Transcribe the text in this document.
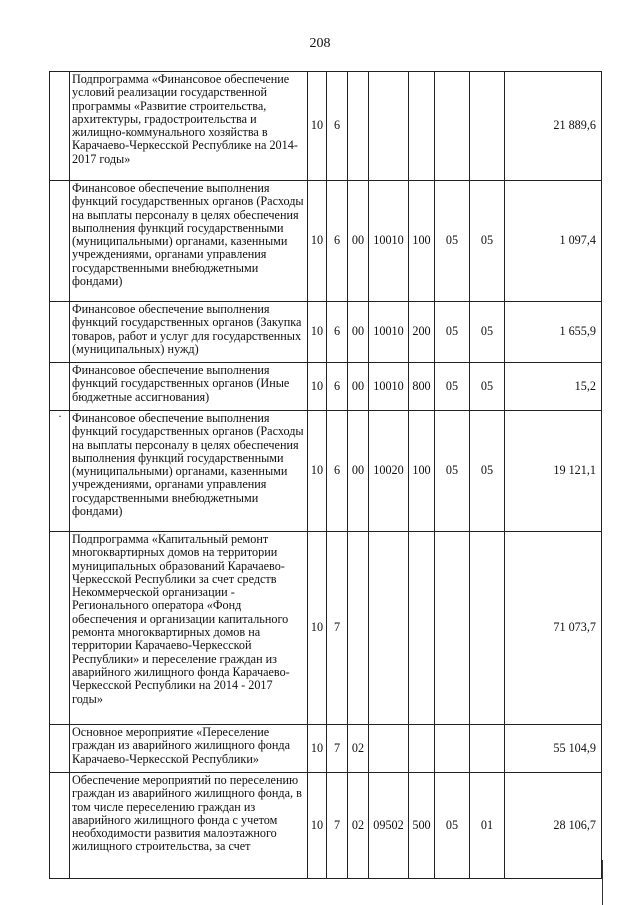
208
·
	Подпрограмма «Финансовое обеспечение условий реализации государственной программы «Развитие строительства, архитектуры, градостроительства и жилищно-коммунального хозяйства в Карачаево-Черкесской Республике на 2014-2017 годы»	10	6						21 889,6
	Финансовое обеспечение выполнения функций государственных органов (Расходы на выплаты персоналу в целях обеспечения выполнения функций государственными (муниципальными) органами, казенными учреждениями, органами управления государственными внебюджетными фондами)	10	6	00	10010	100	05	05	1 097,4
	Финансовое обеспечение выполнения функций государственных органов (Закупка товаров, работ и услуг для государственных (муниципальных) нужд)	10	6	00	10010	200	05	05	1 655,9
	Финансовое обеспечение выполнения функций государственных органов (Иные бюджетные ассигнования)	10	6	00	10010	800	05	05	15,2
	Финансовое обеспечение выполнения функций государственных органов (Расходы на выплаты персоналу в целях обеспечения выполнения функций государственными (муниципальными) органами, казенными учреждениями, органами управления государственными внебюджетными фондами)	10	6	00	10020	100	05	05	19 121,1
	Подпрограмма «Капитальный ремонт многоквартирных домов на территории муниципальных образований Карачаево-Черкесской Республики за счет средств Некоммерческой организации - Регионального оператора «Фонд обеспечения и организации капитального ремонта многоквартирных домов на территории Карачаево-Черкесской Республики» и переселение граждан из аварийного жилищного фонда Карачаево-Черкесской Республики на 2014 - 2017 годы»	10	7						71 073,7
	Основное мероприятие «Переселение граждан из аварийного жилищного фонда Карачаево-Черкесской Республики»	10	7	02					55 104,9
	Обеспечение мероприятий по переселению граждан из аварийного жилищного фонда, в том числе переселению граждан из аварийного жилищного фонда с учетом необходимости развития малоэтажного жилищного строительства, за счет	10	7	02	09502	500	05	01	28 106,7
